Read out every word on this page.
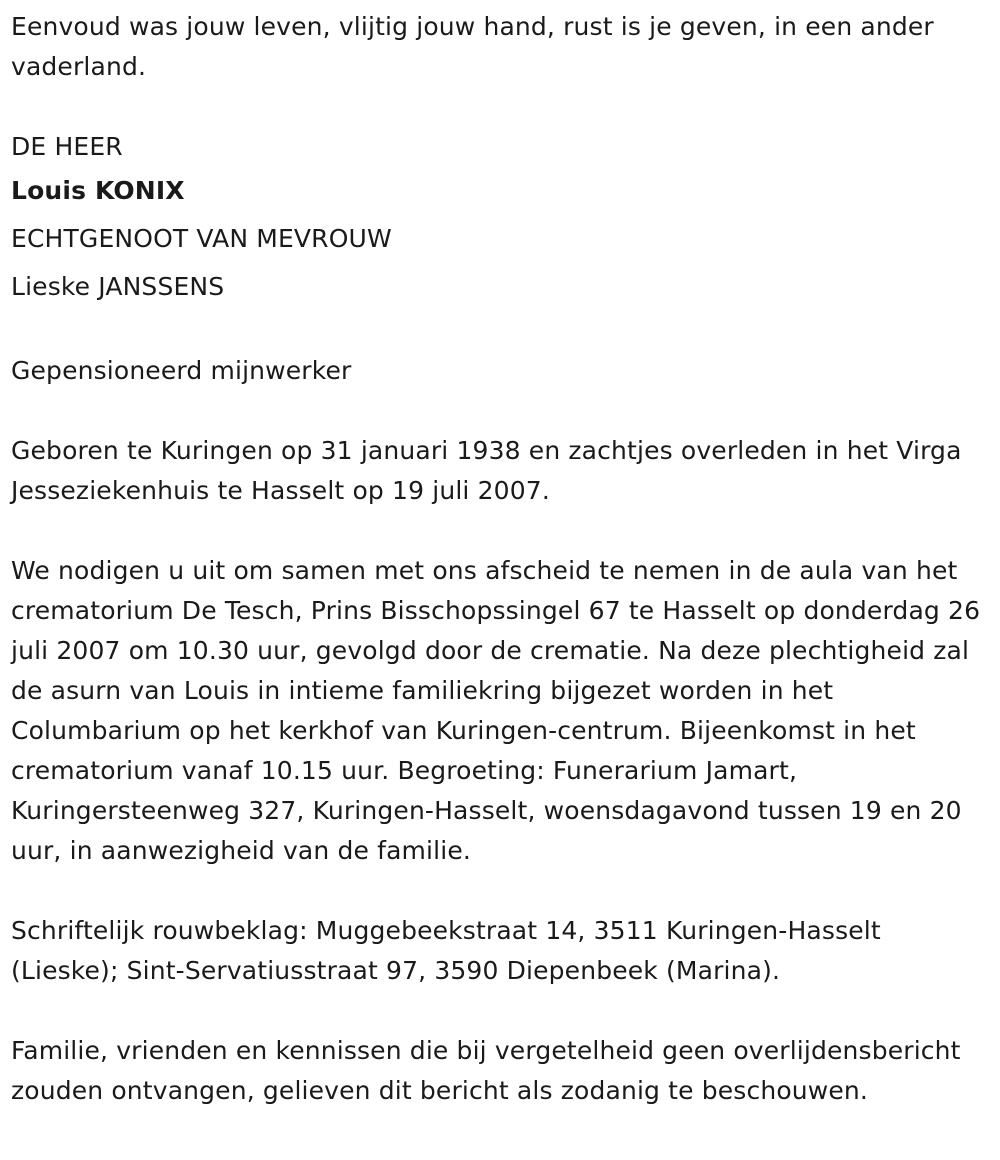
Eenvoud was jouw leven, vlijtig jouw hand, rust is je geven, in een ander vaderland.

DE HEER

Louis KONIX

ECHTGENOOT VAN MEVROUW

Lieske JANSSENS

Gepensioneerd mijnwerker

Geboren te Kuringen op 31 januari 1938 en zachtjes overleden in het Virga Jesseziekenhuis te Hasselt op 19 juli 2007.

We nodigen u uit om samen met ons afscheid te nemen in de aula van het crematorium De Tesch, Prins Bisschopssingel 67 te Hasselt op donderdag 26 juli 2007 om 10.30 uur, gevolgd door de crematie. Na deze plechtigheid zal de asurn van Louis in intieme familiekring bijgezet worden in het Columbarium op het kerkhof van Kuringen-centrum. Bijeenkomst in het crematorium vanaf 10.15 uur. Begroeting: Funerarium Jamart, Kuringersteenweg 327, Kuringen-Hasselt, woensdagavond tussen 19 en 20 uur, in aanwezigheid van de familie.

Schriftelijk rouwbeklag: Muggebeekstraat 14, 3511 Kuringen-Hasselt (Lieske); Sint-Servatiusstraat 97, 3590 Diepenbeek (Marina).

Familie, vrienden en kennissen die bij vergetelheid geen overlijdensbericht zouden ontvangen, gelieven dit bericht als zodanig te beschouwen.
